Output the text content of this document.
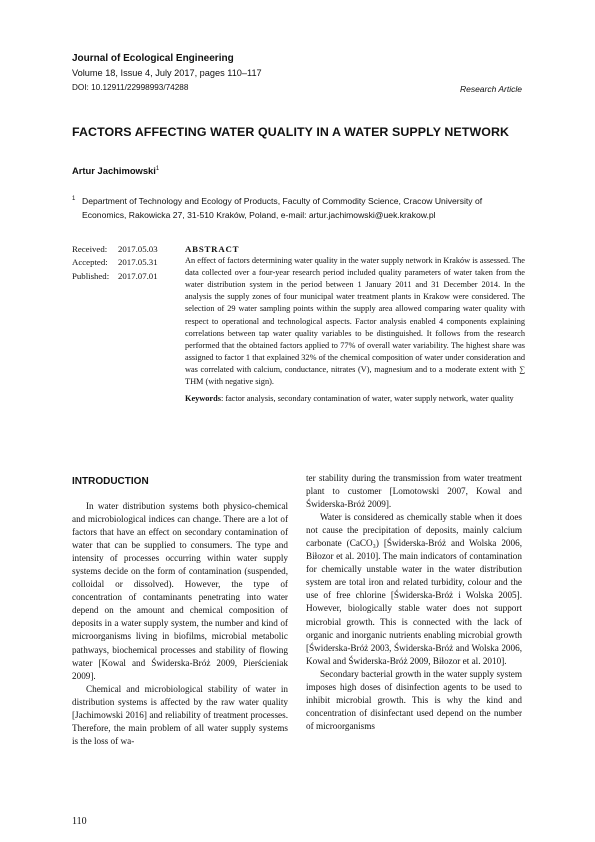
Journal of Ecological Engineering
Volume 18, Issue 4, July 2017, pages 110–117
DOI: 10.12911/22998993/74288	Research Article
FACTORS AFFECTING WATER QUALITY IN A WATER SUPPLY NETWORK
Artur Jachimowski$^1$
1 Department of Technology and Ecology of Products, Faculty of Commodity Science, Cracow University of Economics, Rakowicka 27, 31-510 Kraków, Poland, e-mail: artur.jachimowski@uek.krakow.pl
Received:	2017.05.03
Accepted:	2017.05.31
Published:	2017.07.01
ABSTRACT

An effect of factors determining water quality in the water supply network in Kraków is assessed. The data collected over a four-year research period included quality parameters of water taken from the water distribution system in the period between 1 January 2011 and 31 December 2014. In the analysis the supply zones of four municipal water treatment plants in Krakow were considered. The selection of 29 water sampling points within the supply area allowed comparing water quality with respect to operational and technological aspects. Factor analysis enabled 4 components explaining correlations between tap water quality variables to be distinguished. It follows from the research performed that the obtained factors applied to 77% of overall water variability. The highest share was assigned to factor 1 that explained 32% of the chemical composition of water under consideration and was correlated with calcium, conductance, nitrates (V), magnesium and to a moderate extent with ∑ THM (with negative sign).

Keywords: factor analysis, secondary contamination of water, water supply network, water quality
INTRODUCTION

In water distribution systems both physico-chemical and microbiological indices can change. There are a lot of factors that have an effect on secondary contamination of water that can be supplied to consumers. The type and intensity of processes occurring within water supply systems decide on the form of contamination (suspended, colloidal or dissolved). However, the type of concentration of contaminants penetrating into water depend on the amount and chemical composition of deposits in a water supply system, the number and kind of microorganisms living in biofilms, microbial metabolic pathways, biochemical processes and stability of flowing water [Kowal and Świderska-Bróż 2009, Pierścieniak 2009].

Chemical and microbiological stability of water in distribution systems is affected by the raw water quality [Jachimowski 2016] and reliability of treatment processes. Therefore, the main problem of all water supply systems is the loss of wa-

ter stability during the transmission from water treatment plant to customer [Lomotowski 2007, Kowal and Świderska-Bróż 2009].

Water is considered as chemically stable when it does not cause the precipitation of deposits, mainly calcium carbonate (CaCO₃) [Świderska-Bróż and Wolska 2006, Biłozor et al. 2010]. The main indicators of contamination for chemically unstable water in the water distribution system are total iron and related turbidity, colour and the use of free chlorine [Świderska-Bróż i Wolska 2005]. However, biologically stable water does not support microbial growth. This is connected with the lack of organic and inorganic nutrients enabling microbial growth [Świderska-Bróż 2003, Świderska-Bróż and Wolska 2006, Kowal and Świderska-Bróż 2009, Biłozor et al. 2010].

Secondary bacterial growth in the water supply system imposes high doses of disinfection agents to be used to inhibit microbial growth. This is why the kind and concentration of disinfectant used depend on the number of microorganisms

110
